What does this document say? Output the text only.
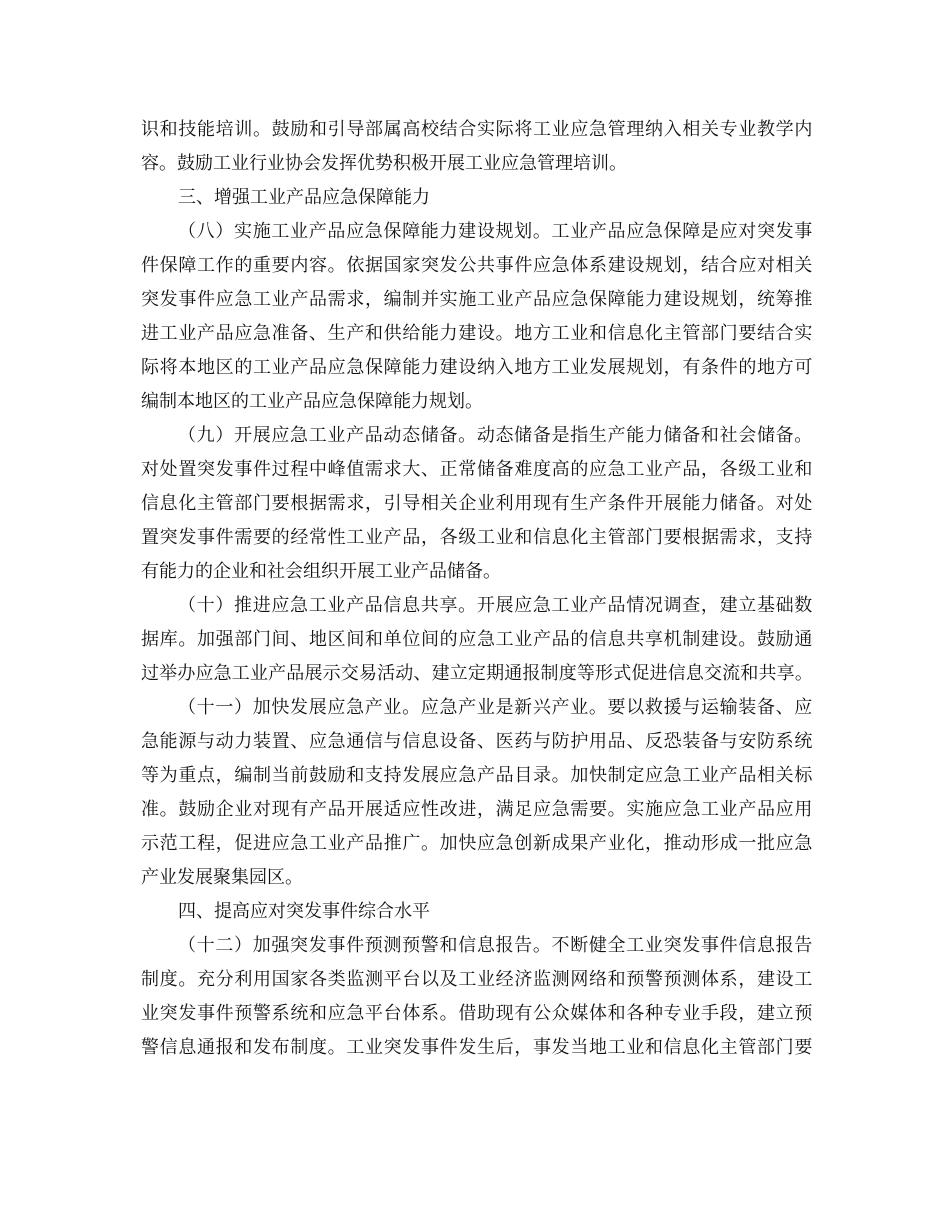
识和技能培训。鼓励和引导部属高校结合实际将工业应急管理纳入相关专业教学内
容。鼓励工业行业协会发挥优势积极开展工业应急管理培训。
三、增强工业产品应急保障能力
（八）实施工业产品应急保障能力建设规划。工业产品应急保障是应对突发事
件保障工作的重要内容。依据国家突发公共事件应急体系建设规划，结合应对相关
突发事件应急工业产品需求，编制并实施工业产品应急保障能力建设规划，统筹推
进工业产品应急准备、生产和供给能力建设。地方工业和信息化主管部门要结合实
际将本地区的工业产品应急保障能力建设纳入地方工业发展规划，有条件的地方可
编制本地区的工业产品应急保障能力规划。
（九）开展应急工业产品动态储备。动态储备是指生产能力储备和社会储备。
对处置突发事件过程中峰值需求大、正常储备难度高的应急工业产品，各级工业和
信息化主管部门要根据需求，引导相关企业利用现有生产条件开展能力储备。对处
置突发事件需要的经常性工业产品，各级工业和信息化主管部门要根据需求，支持
有能力的企业和社会组织开展工业产品储备。
（十）推进应急工业产品信息共享。开展应急工业产品情况调查，建立基础数
据库。加强部门间、地区间和单位间的应急工业产品的信息共享机制建设。鼓励通
过举办应急工业产品展示交易活动、建立定期通报制度等形式促进信息交流和共享。
（十一）加快发展应急产业。应急产业是新兴产业。要以救援与运输装备、应
急能源与动力装置、应急通信与信息设备、医药与防护用品、反恐装备与安防系统
等为重点，编制当前鼓励和支持发展应急产品目录。加快制定应急工业产品相关标
准。鼓励企业对现有产品开展适应性改进，满足应急需要。实施应急工业产品应用
示范工程，促进应急工业产品推广。加快应急创新成果产业化，推动形成一批应急
产业发展聚集园区。
四、提高应对突发事件综合水平
（十二）加强突发事件预测预警和信息报告。不断健全工业突发事件信息报告
制度。充分利用国家各类监测平台以及工业经济监测网络和预警预测体系，建设工
业突发事件预警系统和应急平台体系。借助现有公众媒体和各种专业手段，建立预
警信息通报和发布制度。工业突发事件发生后，事发当地工业和信息化主管部门要
